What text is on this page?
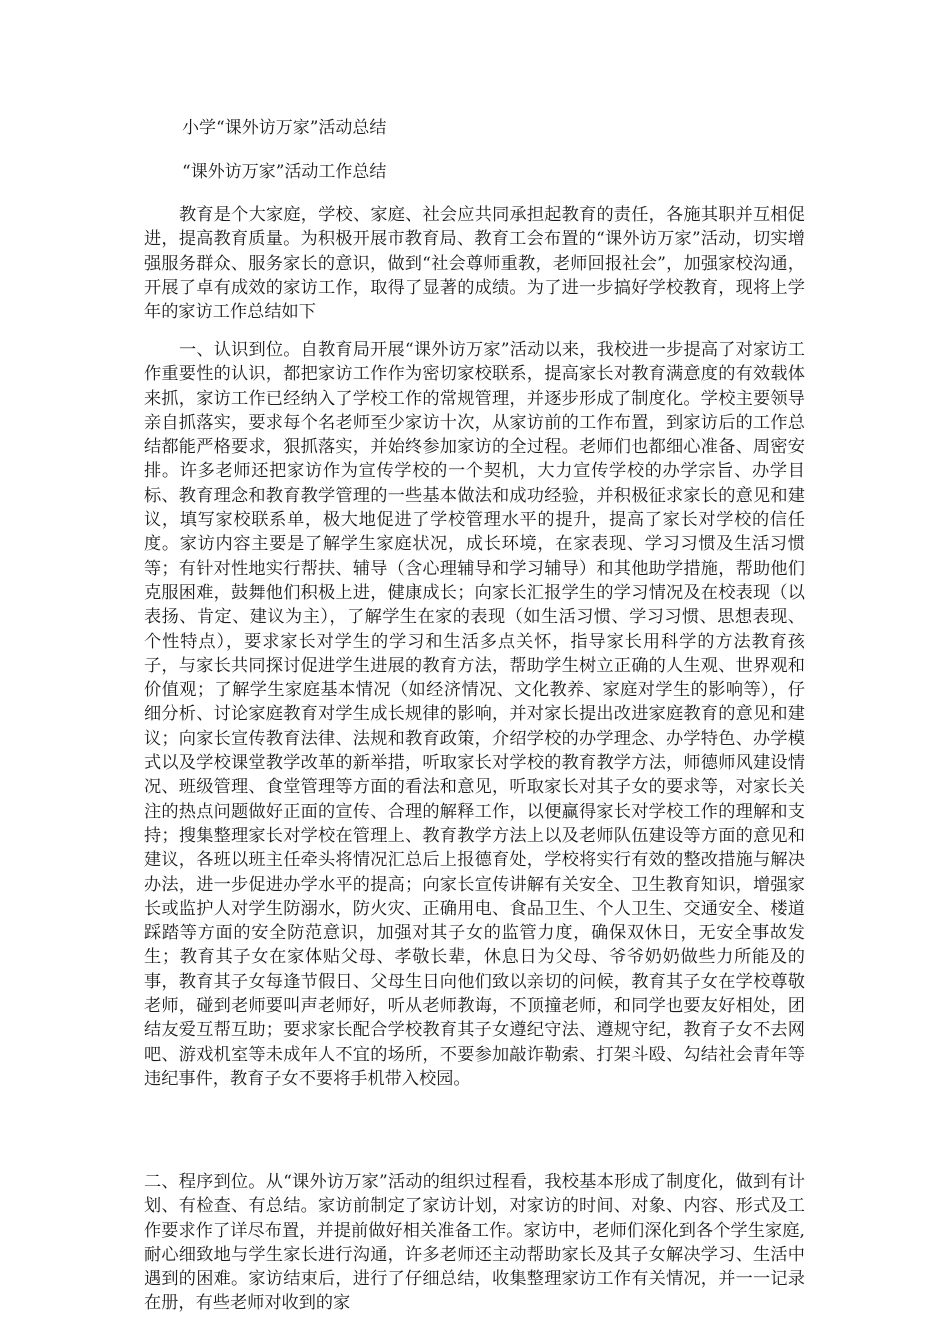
小学“课外访万家”活动总结
“课外访万家”活动工作总结

教育是个大家庭，学校、家庭、社会应共同承担起教育的责任，各施其职并互相促进，提高教育质量。为积极开展市教育局、教育工会布置的“课外访万家”活动，切实增强服务群众、服务家长的意识，做到“社会尊师重教，老师回报社会”，加强家校沟通，开展了卓有成效的家访工作，取得了显著的成绩。为了进一步搞好学校教育，现将上学年的家访工作总结如下

一、认识到位。自教育局开展“课外访万家”活动以来，我校进一步提高了对家访工作重要性的认识，都把家访工作作为密切家校联系，提高家长对教育满意度的有效载体来抓，家访工作已经纳入了学校工作的常规管理，并逐步形成了制度化。学校主要领导亲自抓落实，要求每个名老师至少家访十次，从家访前的工作布置，到家访后的工作总结都能严格要求，狠抓落实，并始终参加家访的全过程。老师们也都细心准备、周密安排。许多老师还把家访作为宣传学校的一个契机，大力宣传学校的办学宗旨、办学目标、教育理念和教育教学管理的一些基本做法和成功经验，并积极征求家长的意见和建议，填写家校联系单，极大地促进了学校管理水平的提升，提高了家长对学校的信任度。家访内容主要是了解学生家庭状况，成长环境，在家表现、学习习惯及生活习惯等；有针对性地实行帮扶、辅导（含心理辅导和学习辅导）和其他助学措施，帮助他们克服困难，鼓舞他们积极上进，健康成长；向家长汇报学生的学习情况及在校表现（以表扬、肯定、建议为主），了解学生在家的表现（如生活习惯、学习习惯、思想表现、个性特点），要求家长对学生的学习和生活多点关怀，指导家长用科学的方法教育孩子，与家长共同探讨促进学生进展的教育方法，帮助学生树立正确的人生观、世界观和价值观；了解学生家庭基本情况（如经济情况、文化教养、家庭对学生的影响等），仔细分析、讨论家庭教育对学生成长规律的影响，并对家长提出改进家庭教育的意见和建议；向家长宣传教育法律、法规和教育政策，介绍学校的办学理念、办学特色、办学模式以及学校课堂教学改革的新举措，听取家长对学校的教育教学方法，师德师风建设情况、班级管理、食堂管理等方面的看法和意见，听取家长对其子女的要求等，对家长关注的热点问题做好正面的宣传、合理的解释工作，以便赢得家长对学校工作的理解和支持；搜集整理家长对学校在管理上、教育教学方法上以及老师队伍建设等方面的意见和建议，各班以班主任牵头将情况汇总后上报德育处，学校将实行有效的整改措施与解决办法，进一步促进办学水平的提高；向家长宣传讲解有关安全、卫生教育知识，增强家长或监护人对学生防溺水，防火灾、正确用电、食品卫生、个人卫生、交通安全、楼道踩踏等方面的安全防范意识，加强对其子女的监管力度，确保双休日，无安全事故发生；教育其子女在家体贴父母、孝敬长辈，休息日为父母、爷爷奶奶做些力所能及的事，教育其子女每逢节假日、父母生日向他们致以亲切的问候，教育其子女在学校尊敬老师，碰到老师要叫声老师好，听从老师教诲，不顶撞老师，和同学也要友好相处，团结友爱互帮互助；要求家长配合学校教育其子女遵纪守法、遵规守纪，教育子女不去网吧、游戏机室等未成年人不宜的场所，不要参加敲诈勒索、打架斗殴、勾结社会青年等违纪事件，教育子女不要将手机带入校园。

二、程序到位。从“课外访万家”活动的组织过程看，我校基本形成了制度化，做到有计划、有检查、有总结。家访前制定了家访计划，对家访的时间、对象、内容、形式及工作要求作了详尽布置，并提前做好相关准备工作。家访中，老师们深化到各个学生家庭,耐心细致地与学生家长进行沟通，许多老师还主动帮助家长及其子女解决学习、生活中遇到的困难。家访结束后，进行了仔细总结，收集整理家访工作有关情况，并一一记录在册，有些老师对收到的家
